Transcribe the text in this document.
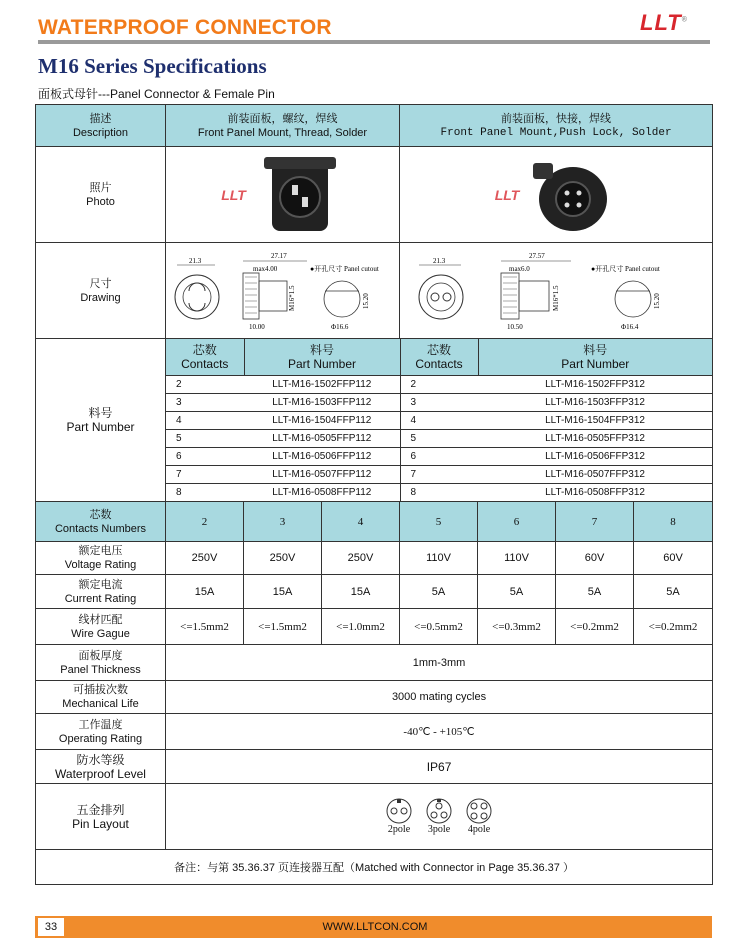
WATERPROOF CONNECTOR	LLT®
M16 Series Specifications
面板式母针---Panel Connector & Female Pin
描述
Description

前装面板，螺纹，焊线
Front Panel Mount, Thread, Solder

前装面板，快接，焊线
Front Panel Mount,Push Lock, Solder

照片
Photo	LLT	LLT

尺寸
Drawing

21.3
27.17
max4.00
10.00
M16*1.5
●开孔尺寸 Panel cutout
15.20
Φ16.6

21.3
27.57
max6.0
10.50
M16*1.5
●开孔尺寸 Panel cutout
15.20
Φ16.4

料号
Part Number

芯数
Contacts

料号
Part Number

芯数
Contacts

料号
Part Number

2	LLT-M16-1502FFP112	2	LLT-M16-1502FFP312
3	LLT-M16-1503FFP112	3	LLT-M16-1503FFP312
4	LLT-M16-1504FFP112	4	LLT-M16-1504FFP312
5	LLT-M16-0505FFP112	5	LLT-M16-0505FFP312
6	LLT-M16-0506FFP112	6	LLT-M16-0506FFP312
7	LLT-M16-0507FFP112	7	LLT-M16-0507FFP312
8	LLT-M16-0508FFP112	8	LLT-M16-0508FFP312

芯数
Contacts Numbers
	2	3	4	5	6	7	8

额定电压
Voltage Rating
	250V	250V	250V	110V	110V	60V	60V

额定电流
Current Rating
	15A	15A	15A	5A	5A	5A	5A

线材匹配
Wire Gague
	<=1.5mm2	<=1.5mm2	<=1.0mm2	<=0.5mm2	<=0.3mm2	<=0.2mm2	<=0.2mm2

面板厚度
Panel Thickness
	1mm-3mm

可插拔次数
Mechanical Life
	3000 mating cycles

工作温度
Operating Rating
	-40℃ - +105℃

防水等级
Waterproof Level	IP67

五金排列
Pin Layout	2pole 3pole 4pole

备注：与第 35.36.37 页连接器互配（Matched with Connector in Page 35.36.37 ）
33	WWW.LLTCON.COM
